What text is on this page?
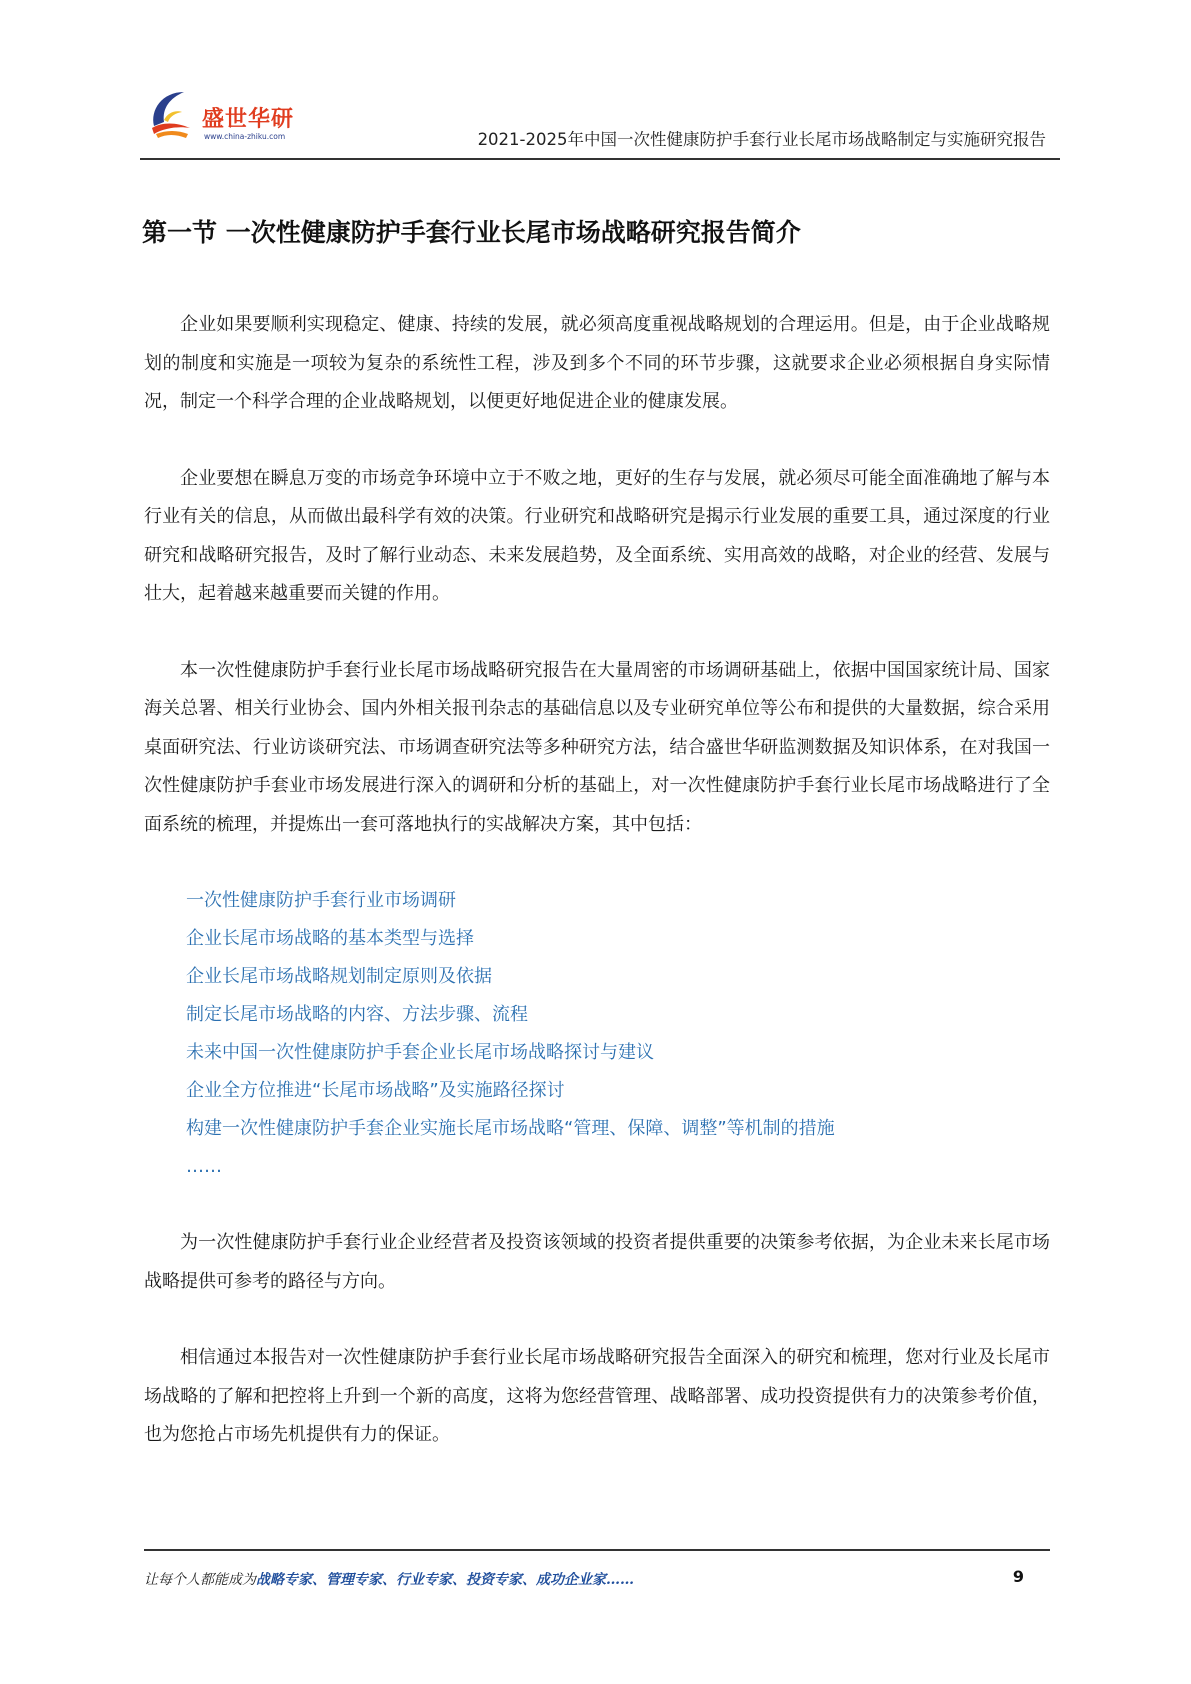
盛世华研
www.china-zhiku.com	2021-2025年中国一次性健康防护手套行业长尾市场战略制定与实施研究报告
第一节 一次性健康防护手套行业长尾市场战略研究报告简介

企业如果要顺利实现稳定、健康、持续的发展，就必须高度重视战略规划的合理运用。但是，由于企业战略规划的制度和实施是一项较为复杂的系统性工程，涉及到多个不同的环节步骤，这就要求企业必须根据自身实际情况，制定一个科学合理的企业战略规划，以便更好地促进企业的健康发展。

企业要想在瞬息万变的市场竞争环境中立于不败之地，更好的生存与发展，就必须尽可能全面准确地了解与本行业有关的信息，从而做出最科学有效的决策。行业研究和战略研究是揭示行业发展的重要工具，通过深度的行业研究和战略研究报告，及时了解行业动态、未来发展趋势，及全面系统、实用高效的战略，对企业的经营、发展与壮大，起着越来越重要而关键的作用。

本一次性健康防护手套行业长尾市场战略研究报告在大量周密的市场调研基础上，依据中国国家统计局、国家海关总署、相关行业协会、国内外相关报刊杂志的基础信息以及专业研究单位等公布和提供的大量数据，综合采用桌面研究法、行业访谈研究法、市场调查研究法等多种研究方法，结合盛世华研监测数据及知识体系，在对我国一次性健康防护手套业市场发展进行深入的调研和分析的基础上，对一次性健康防护手套行业长尾市场战略进行了全面系统的梳理，并提炼出一套可落地执行的实战解决方案，其中包括：

一次性健康防护手套行业市场调研
企业长尾市场战略的基本类型与选择
企业长尾市场战略规划制定原则及依据
制定长尾市场战略的内容、方法步骤、流程
未来中国一次性健康防护手套企业长尾市场战略探讨与建议
企业全方位推进“长尾市场战略”及实施路径探讨
构建一次性健康防护手套企业实施长尾市场战略“管理、保障、调整”等机制的措施
……

为一次性健康防护手套行业企业经营者及投资该领域的投资者提供重要的决策参考依据，为企业未来长尾市场战略提供可参考的路径与方向。

相信通过本报告对一次性健康防护手套行业长尾市场战略研究报告全面深入的研究和梳理，您对行业及长尾市场战略的了解和把控将上升到一个新的高度，这将为您经营管理、战略部署、成功投资提供有力的决策参考价值，也为您抢占市场先机提供有力的保证。

让每个人都能成为战略专家、管理专家、行业专家、投资专家、成功企业家……	9
